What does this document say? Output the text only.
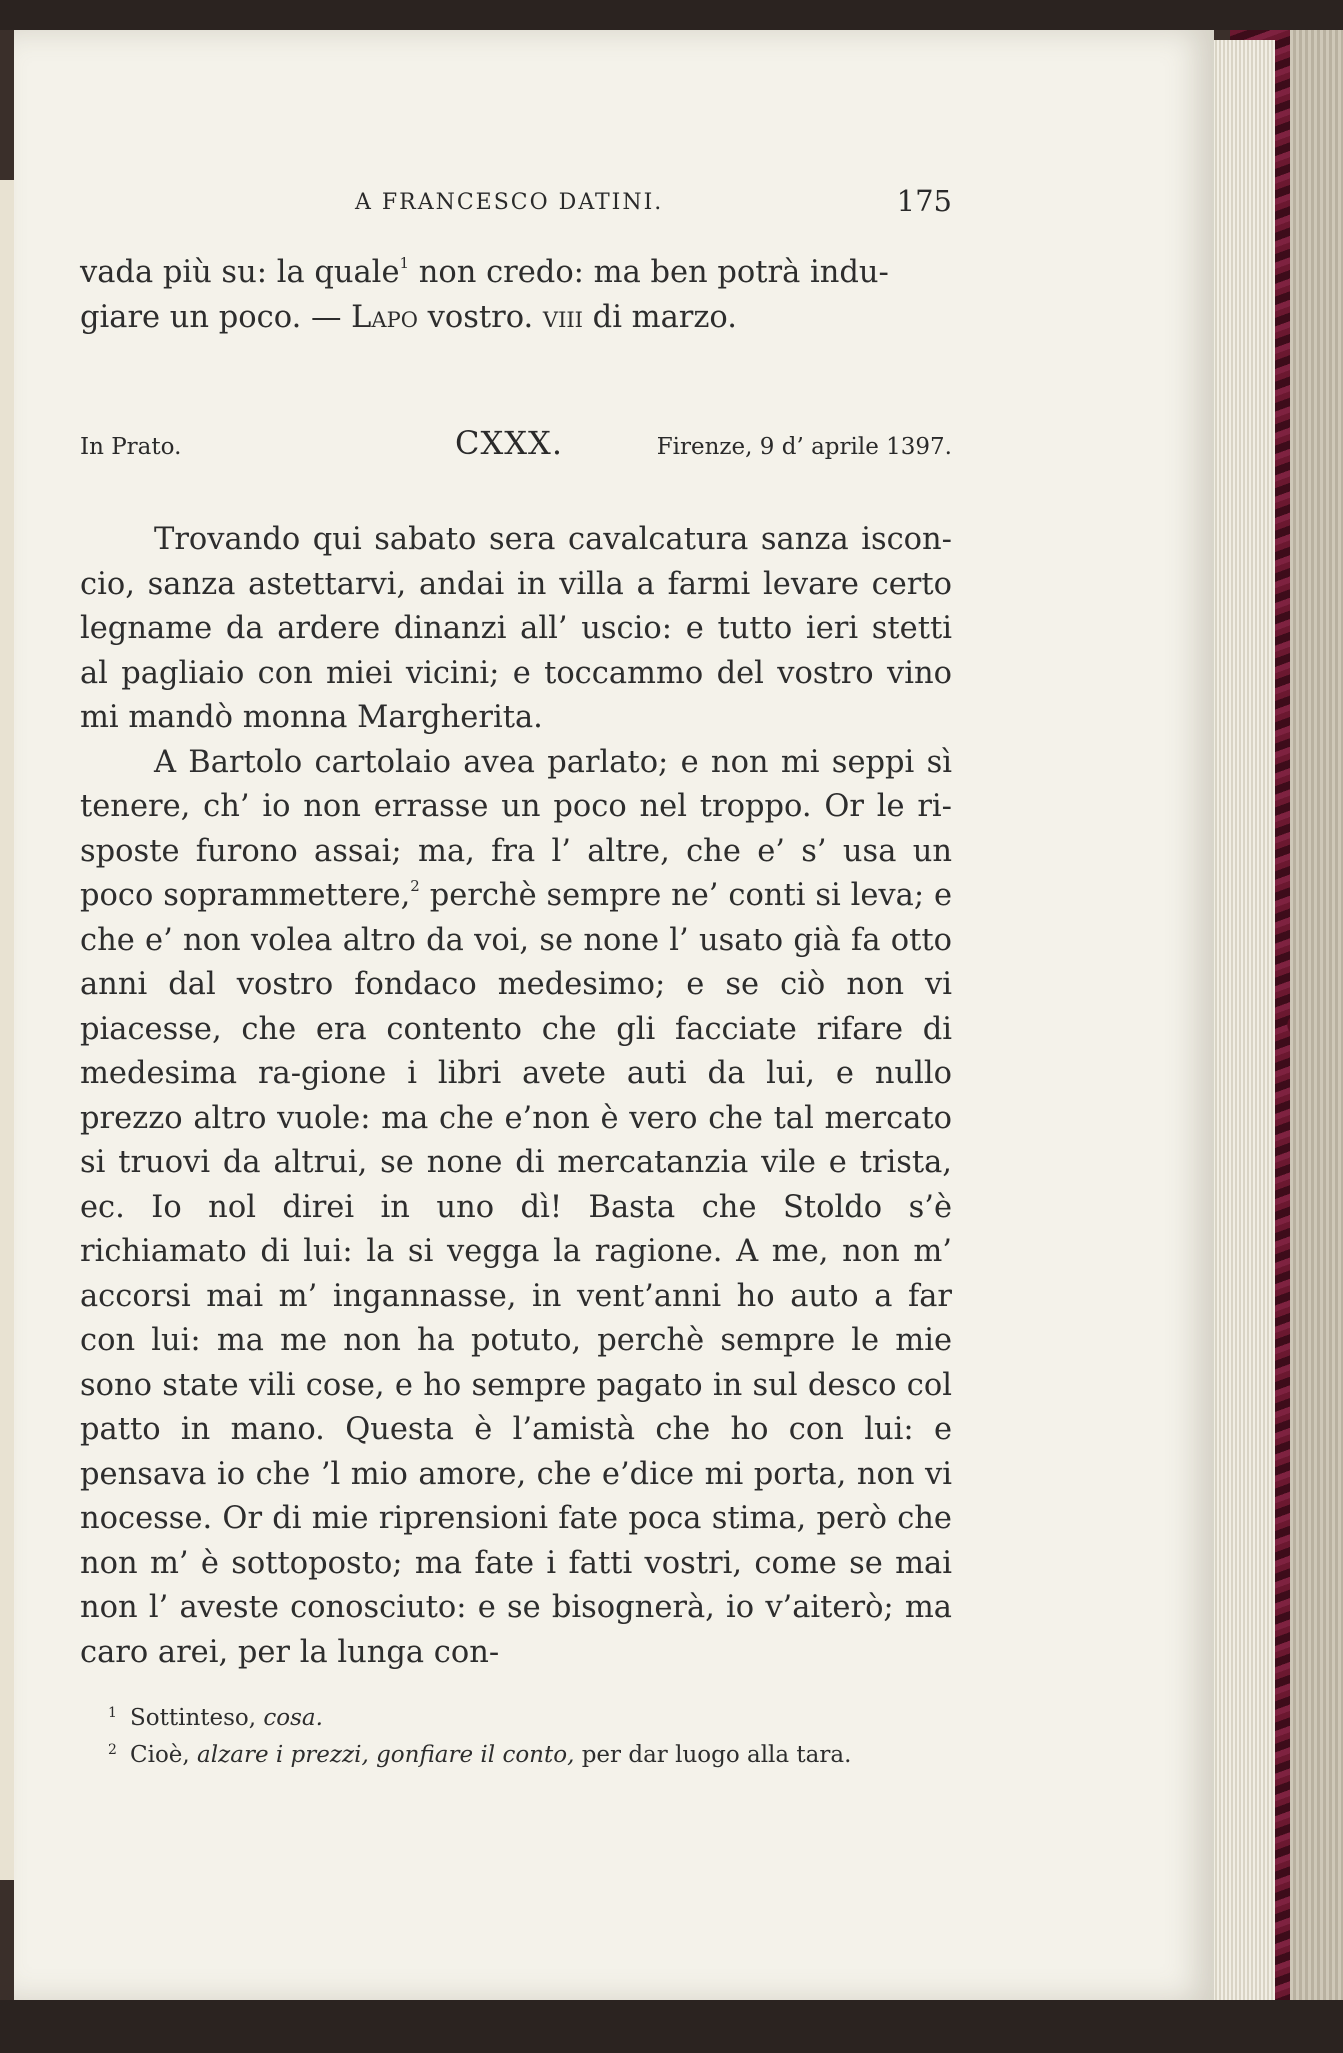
A FRANCESCO DATINI.	175

vada più su: la quale$^1$ non credo: ma ben potrà indu-

giare un poco. — Lapo vostro. viii di marzo.

In Prato.	CXXX.	Firenze, 9 d’ aprile 1397.

Trovando qui sabato sera cavalcatura sanza iscon-cio, sanza astettarvi, andai in villa a farmi levare certo legname da ardere dinanzi all’ uscio: e tutto ieri stetti al pagliaio con miei vicini; e toccammo del vostro vino mi mandò monna Margherita.

A Bartolo cartolaio avea parlato; e non mi seppi sì tenere, ch’ io non errasse un poco nel troppo. Or le ri-sposte furono assai; ma, fra l’ altre, che e’ s’ usa un poco soprammettere,$^2$ perchè sempre ne’ conti si leva; e che e’ non volea altro da voi, se none l’ usato già fa otto anni dal vostro fondaco medesimo; e se ciò non vi piacesse, che era contento che gli facciate rifare di medesima ra-gione i libri avete auti da lui, e nullo prezzo altro vuole: ma che e’non è vero che tal mercato si truovi da altrui, se none di mercatanzia vile e trista, ec. Io nol direi in uno dì! Basta che Stoldo s’è richiamato di lui: la si vegga la ragione. A me, non m’ accorsi mai m’ ingannasse, in vent’anni ho auto a far con lui: ma me non ha potuto, perchè sempre le mie sono state vili cose, e ho sempre pagato in sul desco col patto in mano. Questa è l’amistà che ho con lui: e pensava io che ’l mio amore, che e’dice mi porta, non vi nocesse. Or di mie riprensioni fate poca stima, però che non m’ è sottoposto; ma fate i fatti vostri, come se mai non l’ aveste conosciuto: e se bisognerà, io v’aiterò; ma caro arei, per la lunga con-

1 Sottinteso, cosa.
2 Cioè, alzare i prezzi, gonfiare il conto, per dar luogo alla tara.
